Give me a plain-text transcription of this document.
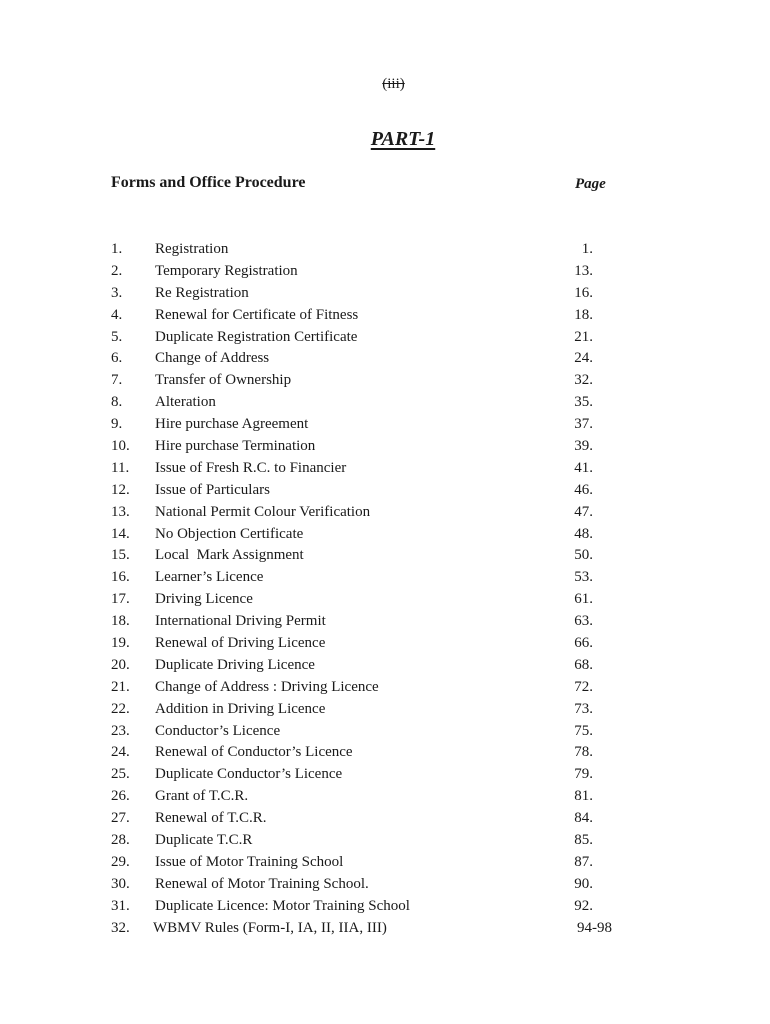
(iii)
PART-1
Forms and Office Procedure	Page
1. Registration	1.
2. Temporary Registration	13.
3. Re Registration	16.
4. Renewal for Certificate of Fitness	18.
5. Duplicate Registration Certificate	21.
6. Change of Address	24.
7. Transfer of Ownership	32.
8. Alteration	35.
9. Hire purchase Agreement	37.
10. Hire purchase Termination	39.
11. Issue of Fresh R.C. to Financier	41.
12. Issue of Particulars	46.
13. National Permit Colour Verification	47.
14. No Objection Certificate	48.
15. Local  Mark Assignment	50.
16. Learner’s Licence	53.
17. Driving Licence	61.
18. International Driving Permit	63.
19. Renewal of Driving Licence	66.
20. Duplicate Driving Licence	68.
21. Change of Address : Driving Licence	72.
22. Addition in Driving Licence	73.
23. Conductor’s Licence	75.
24. Renewal of Conductor’s Licence	78.
25. Duplicate Conductor’s Licence	79.
26. Grant of T.C.R.	81.
27. Renewal of T.C.R.	84.
28. Duplicate T.C.R	85.
29. Issue of Motor Training School	87.
30. Renewal of Motor Training School.	90.
31. Duplicate Licence: Motor Training School	92.
32. WBMV Rules (Form-I, IA, II, IIA, III)	94-98
